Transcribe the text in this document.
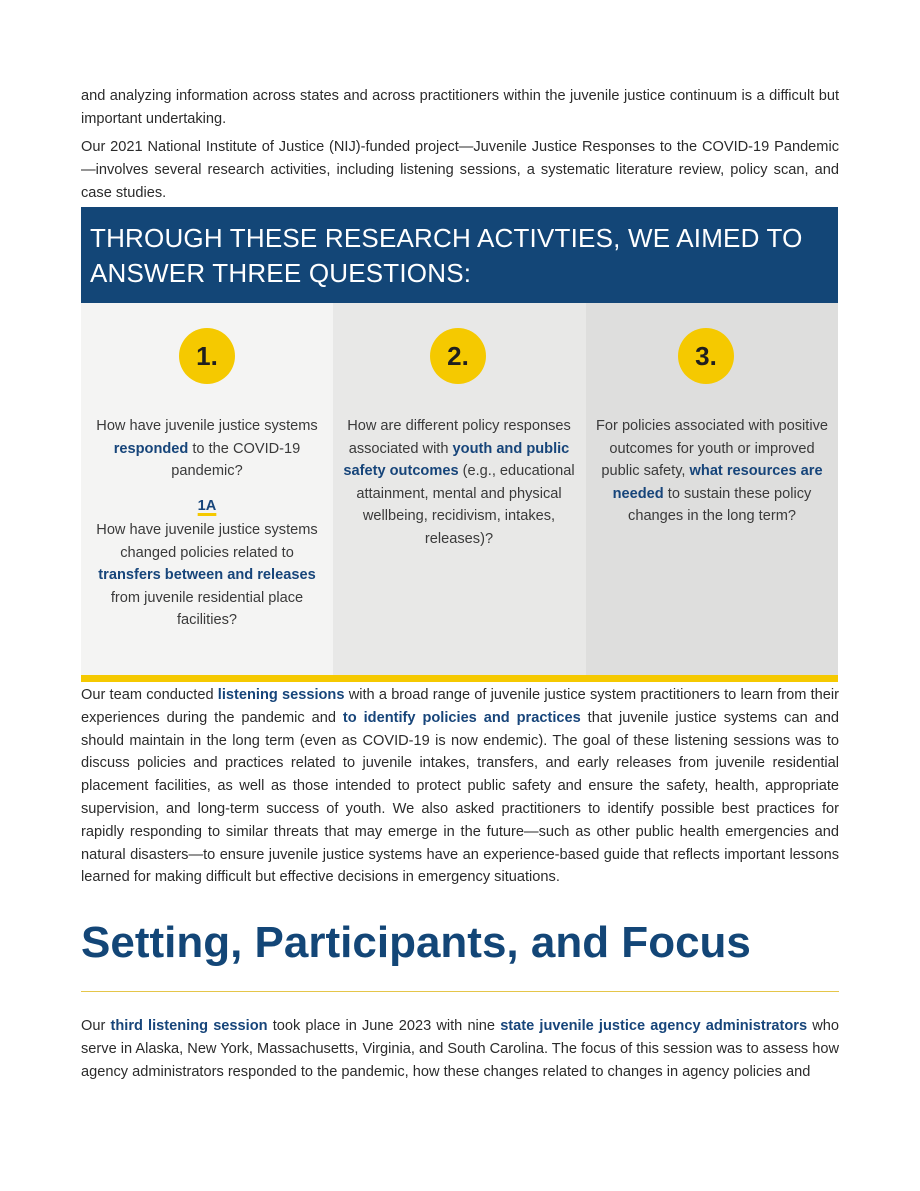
and analyzing information across states and across practitioners within the juvenile justice continuum is a difficult but important undertaking.

Our 2021 National Institute of Justice (NIJ)-funded project—Juvenile Justice Responses to the COVID-19 Pandemic—involves several research activities, including listening sessions, a systematic literature review, policy scan, and case studies.

THROUGH THESE RESEARCH ACTIVTIES, WE AIMED TO ANSWER THREE QUESTIONS:
1.

How have juvenile justice systems responded to the COVID-19 pandemic?

1A

How have juvenile justice systems changed policies related to transfers between and releases from juvenile residential place facilities?

2.

How are different policy responses associated with youth and public safety outcomes (e.g., educational attainment, mental and physical wellbeing, recidivism, intakes, releases)?

3.

For policies associated with positive outcomes for youth or improved public safety, what resources are needed to sustain these policy changes in the long term?

Our team conducted listening sessions with a broad range of juvenile justice system practitioners to learn from their experiences during the pandemic and to identify policies and practices that juvenile justice systems can and should maintain in the long term (even as COVID-19 is now endemic). The goal of these listening sessions was to discuss policies and practices related to juvenile intakes, transfers, and early releases from juvenile residential placement facilities, as well as those intended to protect public safety and ensure the safety, health, appropriate supervision, and long-term success of youth. We also asked practitioners to identify possible best practices for rapidly responding to similar threats that may emerge in the future—such as other public health emergencies and natural disasters—to ensure juvenile justice systems have an experience-based guide that reflects important lessons learned for making difficult but effective decisions in emergency situations.

Setting, Participants, and Focus

Our third listening session took place in June 2023 with nine state juvenile justice agency administrators who serve in Alaska, New York, Massachusetts, Virginia, and South Carolina. The focus of this session was to assess how agency administrators responded to the pandemic, how these changes related to changes in agency policies and
